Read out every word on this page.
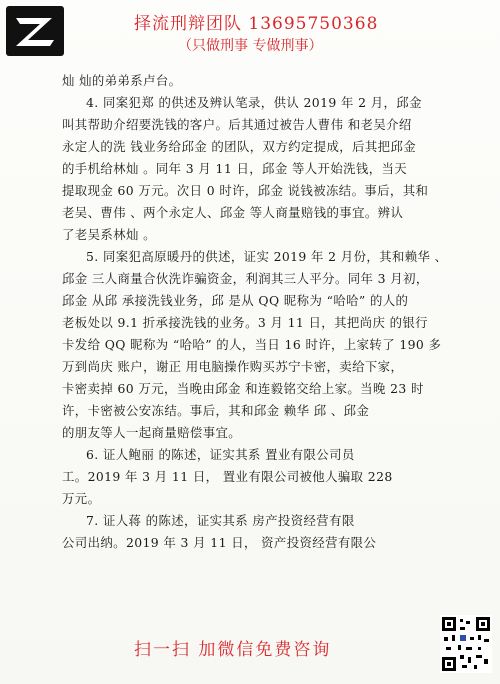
择流刑辩团队 13695750368
（只做刑事 专做刑事）
灿 灿的弟弟系卢台。
4. 同案犯郑 的供述及辨认笔录，供认 2019 年 2 月，邱金
叫其帮助介绍要洗钱的客户。后其通过被告人曹伟 和老吴介绍
永定人的洗 钱业务给邱金 的团队，双方约定提成，后其把邱金
的手机给林灿 。同年 3 月 11 日，邱金 等人开始洗钱，当天
提取现金 60 万元。次日 0 时许，邱金 说钱被冻结。事后，其和
老吴、曹伟 、两个永定人、邱金 等人商量赔钱的事宜。辨认
了老吴系林灿 。
5. 同案犯高原暖丹的供述，证实 2019 年 2 月份，其和赖华 、
邱金 三人商量合伙洗诈骗资金，利润其三人平分。同年 3 月初，
邱金 从邱 承接洗钱业务，邱 是从 QQ 昵称为 “哈哈” 的人的
老板处以 9.1 折承接洗钱的业务。3 月 11 日，其把尚庆 的银行
卡发给 QQ 昵称为 “哈哈” 的人，当日 16 时许，上家转了 190 多
万到尚庆 账户，谢正 用电脑操作购买苏宁卡密，卖给下家，
卡密卖掉 60 万元，当晚由邱金 和连毅铭交给上家。当晚 23 时
许，卡密被公安冻结。事后，其和邱金 赖华 邱 、邱金
的朋友等人一起商量赔偿事宜。
6. 证人鲍丽 的陈述，证实其系 置业有限公司员
工。2019 年 3 月 11 日， 置业有限公司被他人骗取 228
万元。
7. 证人蒋 的陈述，证实其系 房产投资经营有限
公司出纳。2019 年 3 月 11 日， 资产投资经营有限公
扫一扫 加微信免费咨询
